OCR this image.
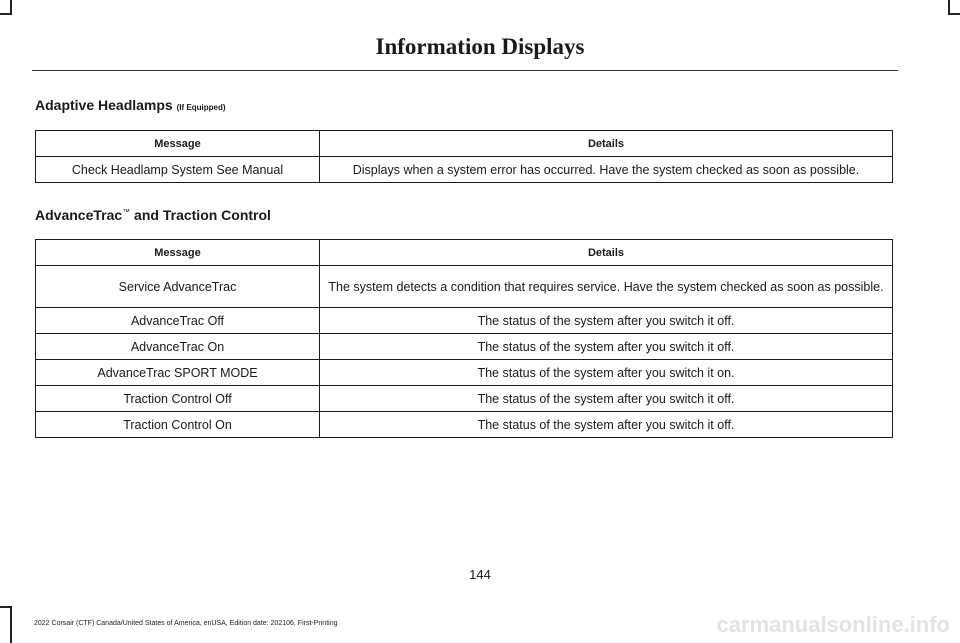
Information Displays
Adaptive Headlamps (If Equipped)
Message	Details
Check Headlamp System See Manual	Displays when a system error has occurred. Have the system checked as soon as possible.
AdvanceTrac™ and Traction Control
Message	Details
Service AdvanceTrac	The system detects a condition that requires service. Have the system checked as soon as possible.
AdvanceTrac Off	The status of the system after you switch it off.
AdvanceTrac On	The status of the system after you switch it off.
AdvanceTrac SPORT MODE	The status of the system after you switch it on.
Traction Control Off	The status of the system after you switch it off.
Traction Control On	The status of the system after you switch it off.
144
2022 Corsair (CTF) Canada/United States of America, enUSA, Edition date: 202106, First-Printing	carmanualsonline.info
